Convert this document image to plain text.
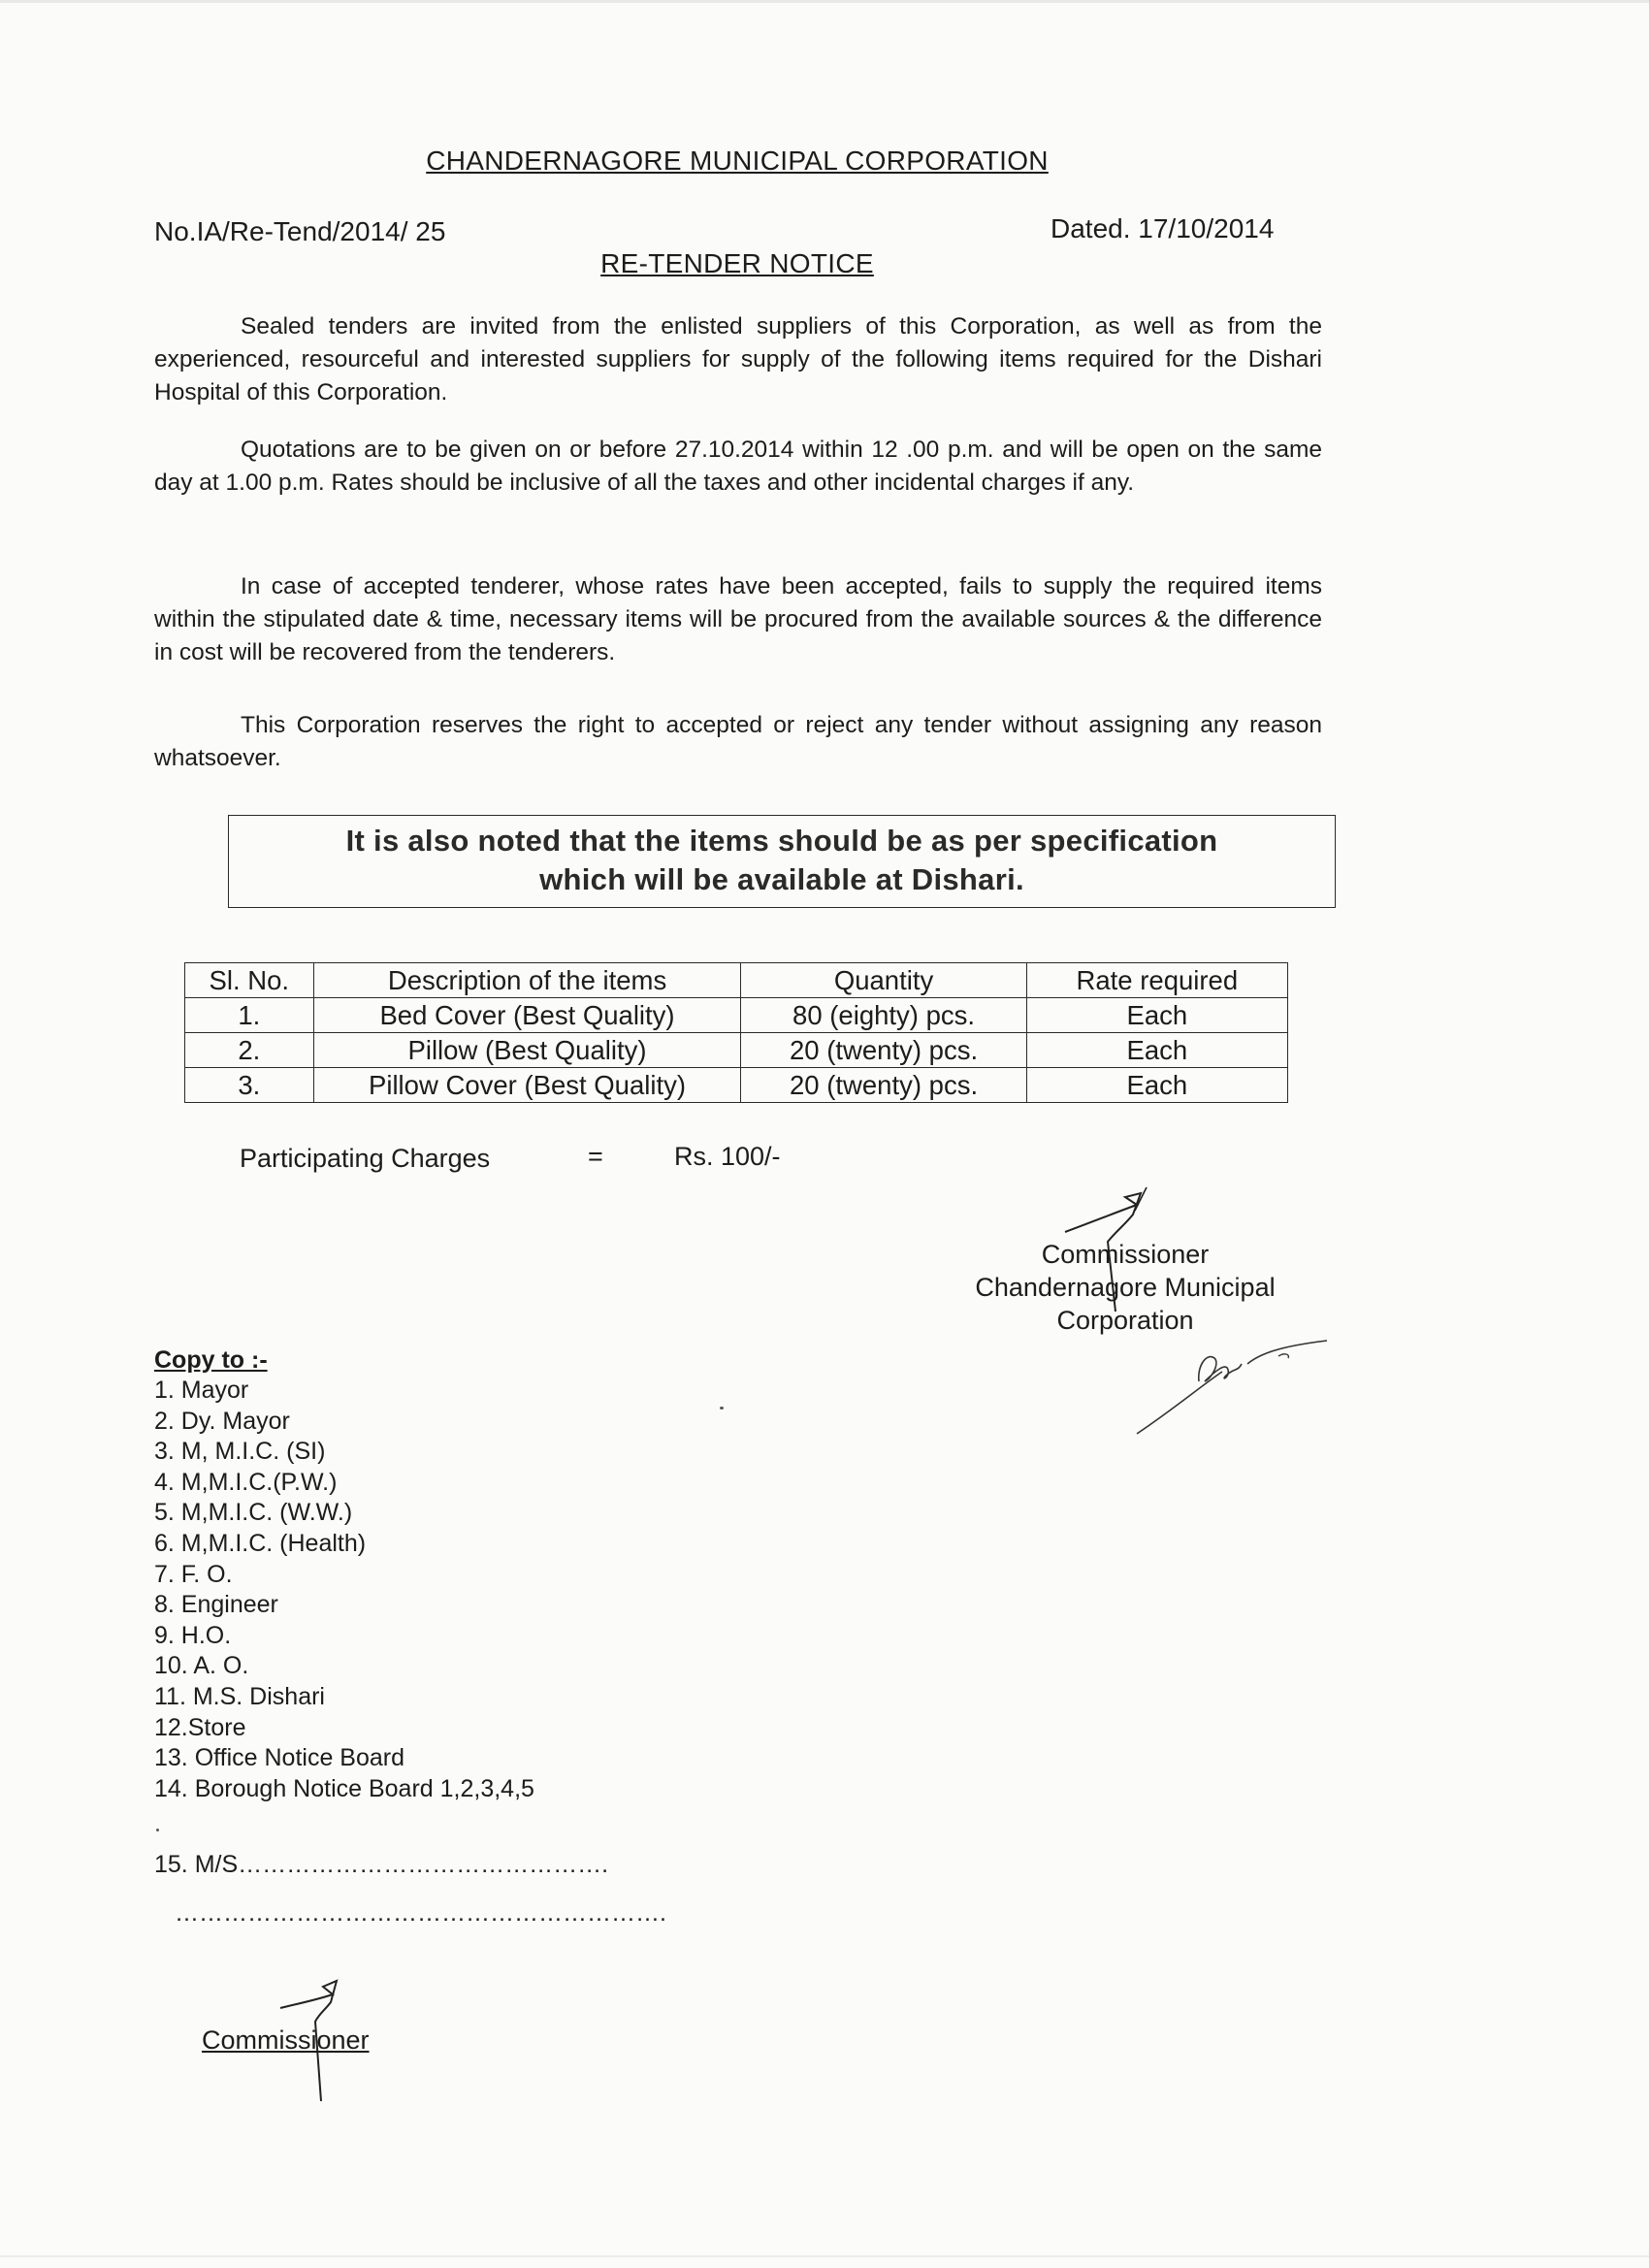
CHANDERNAGORE MUNICIPAL CORPORATION
No.IA/Re-Tend/2014/ 25	Dated. 17/10/2014
RE-TENDER NOTICE

Sealed tenders are invited from the enlisted suppliers of this Corporation, as well as from the experienced, resourceful and interested suppliers for supply of the following items required for the Dishari Hospital of this Corporation.

Quotations are to be given on or before 27.10.2014 within 12 .00 p.m. and will be open on the same day at 1.00 p.m. Rates should be inclusive of all the taxes and other incidental charges if any.

In case of accepted tenderer, whose rates have been accepted, fails to supply the required items within the stipulated date & time, necessary items will be procured from the available sources & the difference in cost will be recovered from the tenderers.

This Corporation reserves the right to accepted or reject any tender without assigning any reason whatsoever.

It is also noted that the items should be as per specification
which will be available at Dishari.
Sl. No.	Description of the items	Quantity	Rate required
1.	Bed Cover (Best Quality)	80 (eighty) pcs.	Each
2.	Pillow (Best Quality)	20 (twenty) pcs.	Each
3.	Pillow Cover (Best Quality)	20 (twenty) pcs.	Each
Participating Charges	=	Rs. 100/-
Commissioner
Chandernagore Municipal
Corporation
Copy to :-
1. Mayor
2. Dy. Mayor
3. M, M.I.C. (SI)
4. M,M.I.C.(P.W.)
5. M,M.I.C. (W.W.)
6. M,M.I.C. (Health)
7. F. O.
8. Engineer
9. H.O.
10. A. O.
11. M.S. Dishari
12.Store
13. Office Notice Board
14. Borough Notice Board 1,2,3,4,5
15. M/S……………………………………….
…………………………………………………….
Commissioner
